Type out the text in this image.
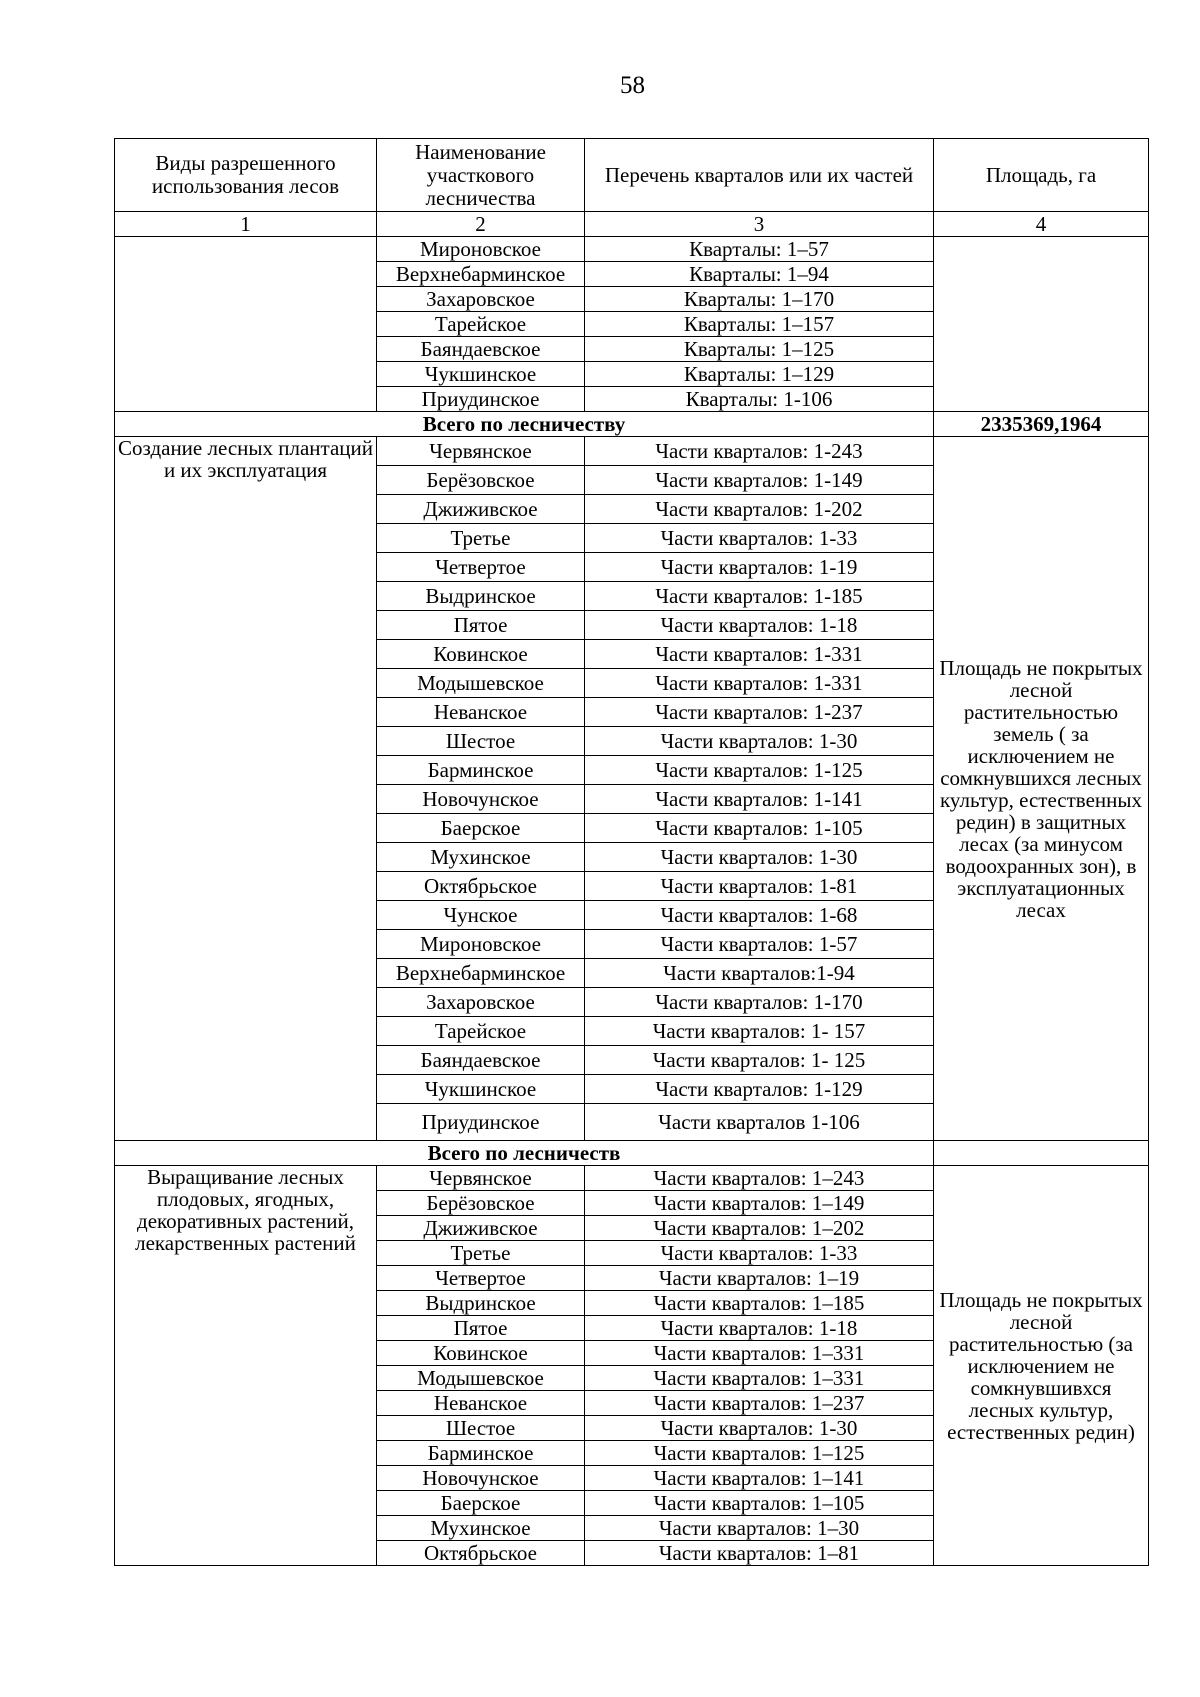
58
Виды разрешенного использования лесов	Наименование участкового лесничества	Перечень кварталов или их частей	Площадь, га
1	2	3	4
	Мироновское	Кварталы: 1–57	
	Верхнебарминское	Кварталы: 1–94	
	Захаровское	Кварталы: 1–170	
	Тарейское	Кварталы: 1–157	
	Баяндаевское	Кварталы: 1–125	
	Чукшинское	Кварталы: 1–129	
	Приудинское	Кварталы: 1-106	
Всего по лесничеству			2335369,1964
Создание лесных плантаций и их эксплуатация	Червянское	Части кварталов: 1-243	Площадь не покрытых лесной растительностью земель ( за исключением не сомкнувшихся лесных культур, естественных редин) в защитных лесах (за минусом водоохранных зон), в эксплуатационных лесах
	Берёзовское	Части кварталов: 1-149	
	Джиживское	Части кварталов: 1-202	
	Третье	Части кварталов: 1-33	
	Четвертое	Части кварталов: 1-19	
	Выдринское	Части кварталов: 1-185	
	Пятое	Части кварталов: 1-18	
	Ковинское	Части кварталов: 1-331	
	Модышевское	Части кварталов: 1-331	
	Неванское	Части кварталов: 1-237	
	Шестое	Части кварталов: 1-30	
	Барминское	Части кварталов: 1-125	
	Новочунское	Части кварталов: 1-141	
	Баерское	Части кварталов: 1-105	
	Мухинское	Части кварталов: 1-30	
	Октябрьское	Части кварталов: 1-81	
	Чунское	Части кварталов: 1-68	
	Мироновское	Части кварталов: 1-57	
	Верхнебарминское	Части кварталов:1-94	
	Захаровское	Части кварталов: 1-170	
	Тарейское	Части кварталов: 1- 157	
	Баяндаевское	Части кварталов: 1- 125	
	Чукшинское	Части кварталов: 1-129	
	Приудинское	Части кварталов 1-106	
Всего по лесничеств			
Выращивание лесных плодовых, ягодных, декоративных растений, лекарственных растений	Червянское	Части кварталов: 1–243	Площадь не покрытых лесной растительностью (за исключением не сомкнувшивхся лесных культур, естественных редин)
	Берёзовское	Части кварталов: 1–149	
	Джиживское	Части кварталов: 1–202	
	Третье	Части кварталов: 1-33	
	Четвертое	Части кварталов: 1–19	
	Выдринское	Части кварталов: 1–185	
	Пятое	Части кварталов: 1-18	
	Ковинское	Части кварталов: 1–331	
	Модышевское	Части кварталов: 1–331	
	Неванское	Части кварталов: 1–237	
	Шестое	Части кварталов: 1-30	
	Барминское	Части кварталов: 1–125	
	Новочунское	Части кварталов: 1–141	
	Баерское	Части кварталов: 1–105	
	Мухинское	Части кварталов: 1–30	
	Октябрьское	Части кварталов: 1–81	
